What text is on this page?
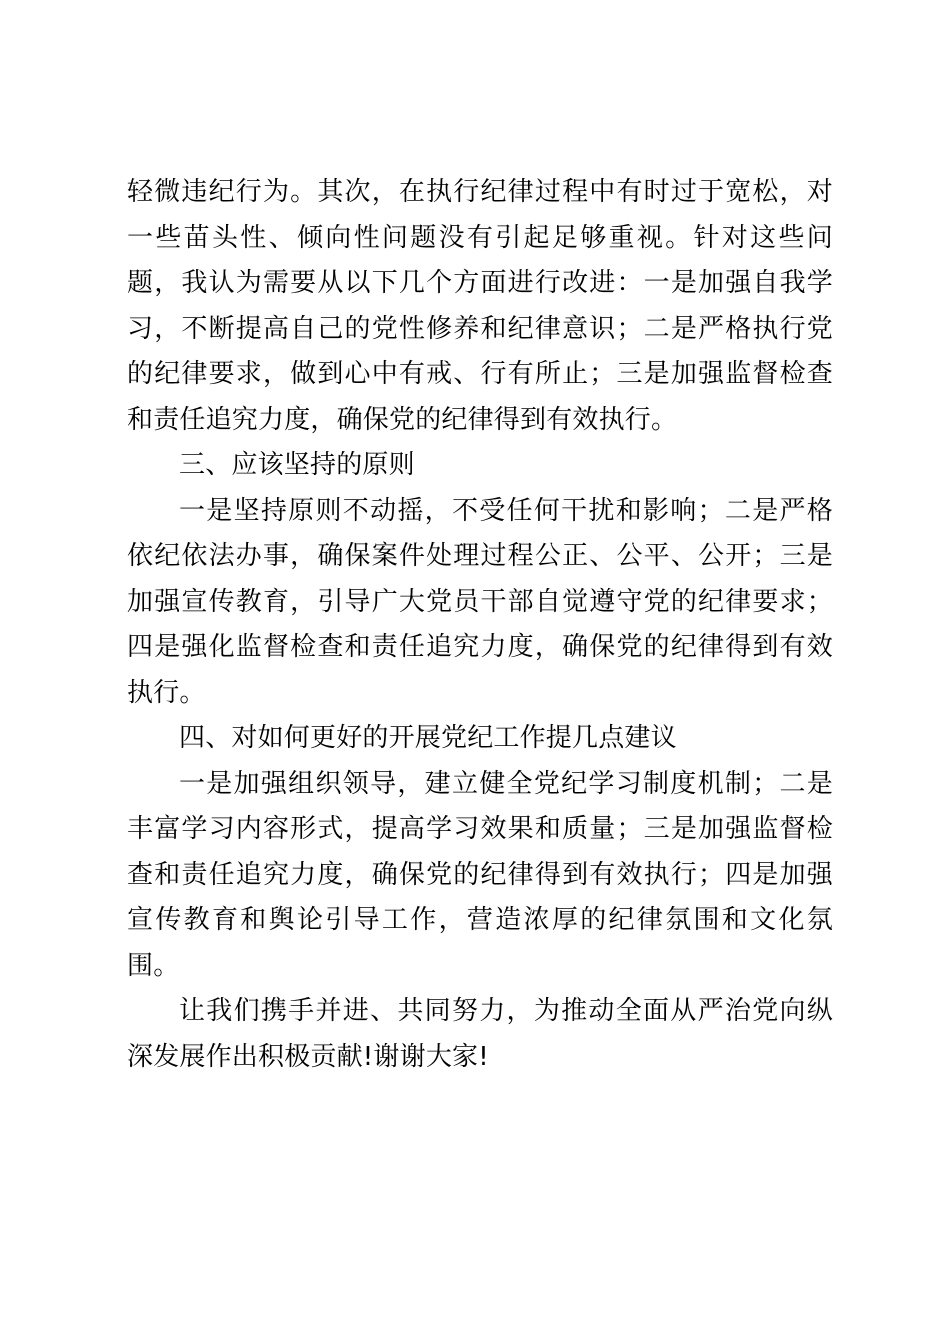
轻微违纪行为。其次，在执行纪律过程中有时过于宽松，对一些苗头性、倾向性问题没有引起足够重视。针对这些问题，我认为需要从以下几个方面进行改进：一是加强自我学习，不断提高自己的党性修养和纪律意识；二是严格执行党的纪律要求，做到心中有戒、行有所止；三是加强监督检查和责任追究力度，确保党的纪律得到有效执行。

三、应该坚持的原则

一是坚持原则不动摇，不受任何干扰和影响；二是严格依纪依法办事，确保案件处理过程公正、公平、公开；三是加强宣传教育，引导广大党员干部自觉遵守党的纪律要求；四是强化监督检查和责任追究力度，确保党的纪律得到有效执行。

四、对如何更好的开展党纪工作提几点建议

一是加强组织领导，建立健全党纪学习制度机制；二是丰富学习内容形式，提高学习效果和质量；三是加强监督检查和责任追究力度，确保党的纪律得到有效执行；四是加强宣传教育和舆论引导工作，营造浓厚的纪律氛围和文化氛围。

让我们携手并进、共同努力，为推动全面从严治党向纵深发展作出积极贡献!谢谢大家!
